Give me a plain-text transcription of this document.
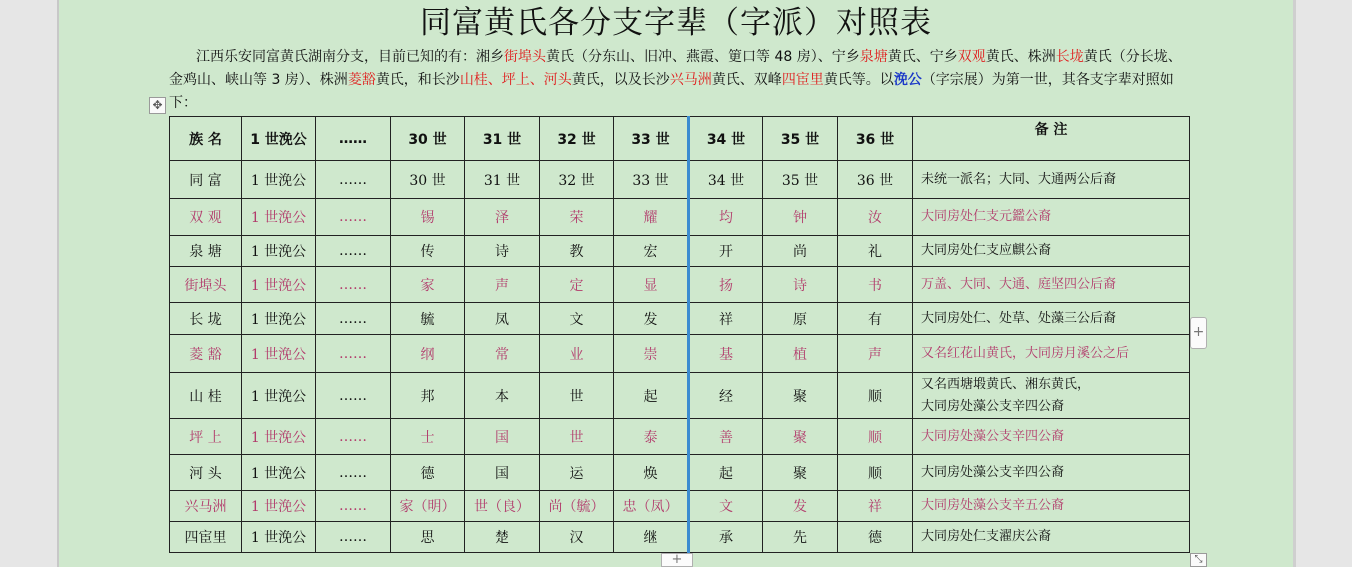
同富黄氏各分支字辈（字派）对照表

江西乐安同富黄氏湖南分支，目前已知的有：湘乡街埠头黄氏（分东山、旧冲、燕霞、筻口等 48 房）、宁乡泉塘黄氏、宁乡双观黄氏、株洲长垅黄氏（分长垅、金鸡山、峡山等 3 房）、株洲菱豁黄氏，和长沙山桂、坪上、河头黄氏，以及长沙兴马洲黄氏、双峰四宦里黄氏等。以浼公（字宗展）为第一世，其各支字辈对照如下：

✥
族 名	1 世浼公	……	30 世	31 世	32 世	33 世	34 世	35 世	36 世	备 注
同 富	1 世浼公	……	30 世	31 世	32 世	33 世	34 世	35 世	36 世	未统一派名；大同、大通两公后裔

双 观	1 世浼公	……	锡	泽	荣	耀	均	钟	汝	大同房处仁支元鑑公裔

泉 塘	1 世浼公	……	传	诗	教	宏	开	尚	礼	大同房处仁支应麒公裔

街埠头	1 世浼公	……	家	声	定	显	扬	诗	书	万盖、大同、大通、庭坚四公后裔

长 垅	1 世浼公	……	毓	凤	文	发	祥	原	有	大同房处仁、处草、处藻三公后裔

菱 豁	1 世浼公	……	纲	常	业	崇	基	植	声	又名红花山黄氏，大同房月溪公之后

山 桂	1 世浼公	……	邦	本	世	起	经	聚	顺	又名西塘塅黄氏、湘东黄氏，
大同房处藻公支辛四公裔

坪 上	1 世浼公	……	士	国	世	泰	善	聚	顺	大同房处藻公支辛四公裔

河 头	1 世浼公	……	德	国	运	焕	起	聚	顺	大同房处藻公支辛四公裔

兴马洲	1 世浼公	……	家（明）	世（良）	尚（毓）	忠（凤）	文	发	祥	大同房处藻公支辛五公裔

四宦里	1 世浼公	……	思	楚	汉	继	承	先	德	大同房处仁支濯庆公裔
+
+	⤡
